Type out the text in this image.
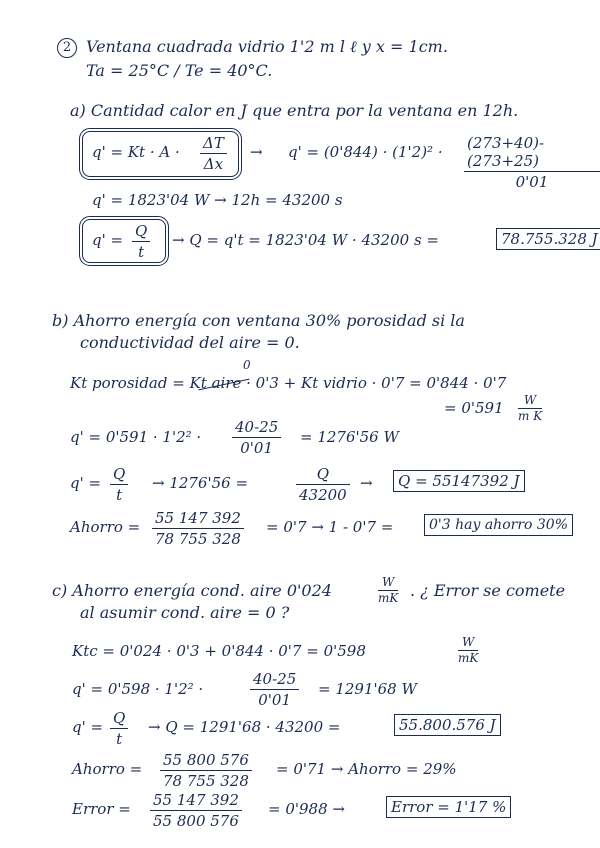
2 Ventana cuadrada vidrio 1'2 m l ℓ y x = 1cm.
Ta = 25°C / Te = 40°C.
a) Cantidad calor en J que entra por la ventana en 12h.
q' = Kt · A · ΔT
Δx
→ q' = (0'844) · (1'2)² · (273+40)-(273+25)
0'01
q' = 1823'04 W → 12h = 43200 s
q' = Q
t
→ Q = q't = 1823'04 W · 43200 s =	78.755.328 J
b) Ahorro energía con ventana 30% porosidad si la
conductividad del aire = 0.
Kt porosidad = Kt aire · 0'3 + Kt vidrio · 0'7 = 0'844 · 0'7
0
= 0'591 W
m K
q' = 0'591 · 1'2² ·
40-25
0'01
= 1276'56 W
q' = Q
t
→ 1276'56 =	Q
43200
→	Q = 55147392 J
Ahorro = 55 147 392
78 755 328
= 0'7 → 1 - 0'7 =	0'3 hay ahorro 30%
c) Ahorro energía cond. aire 0'024	W
mK . ¿ Error se comete
al asumir cond. aire = 0 ?
Ktc = 0'024 · 0'3 + 0'844 · 0'7 = 0'598	W
mK
q' = 0'598 · 1'2² ·
40-25
0'01
= 1291'68 W
q' = Q
t
→ Q = 1291'68 · 43200 =	55.800.576 J
Ahorro = 55 800 576
78 755 328
= 0'71 → Ahorro = 29%
Error = 55 147 392
55 800 576
= 0'988 →	Error = 1'17 %
